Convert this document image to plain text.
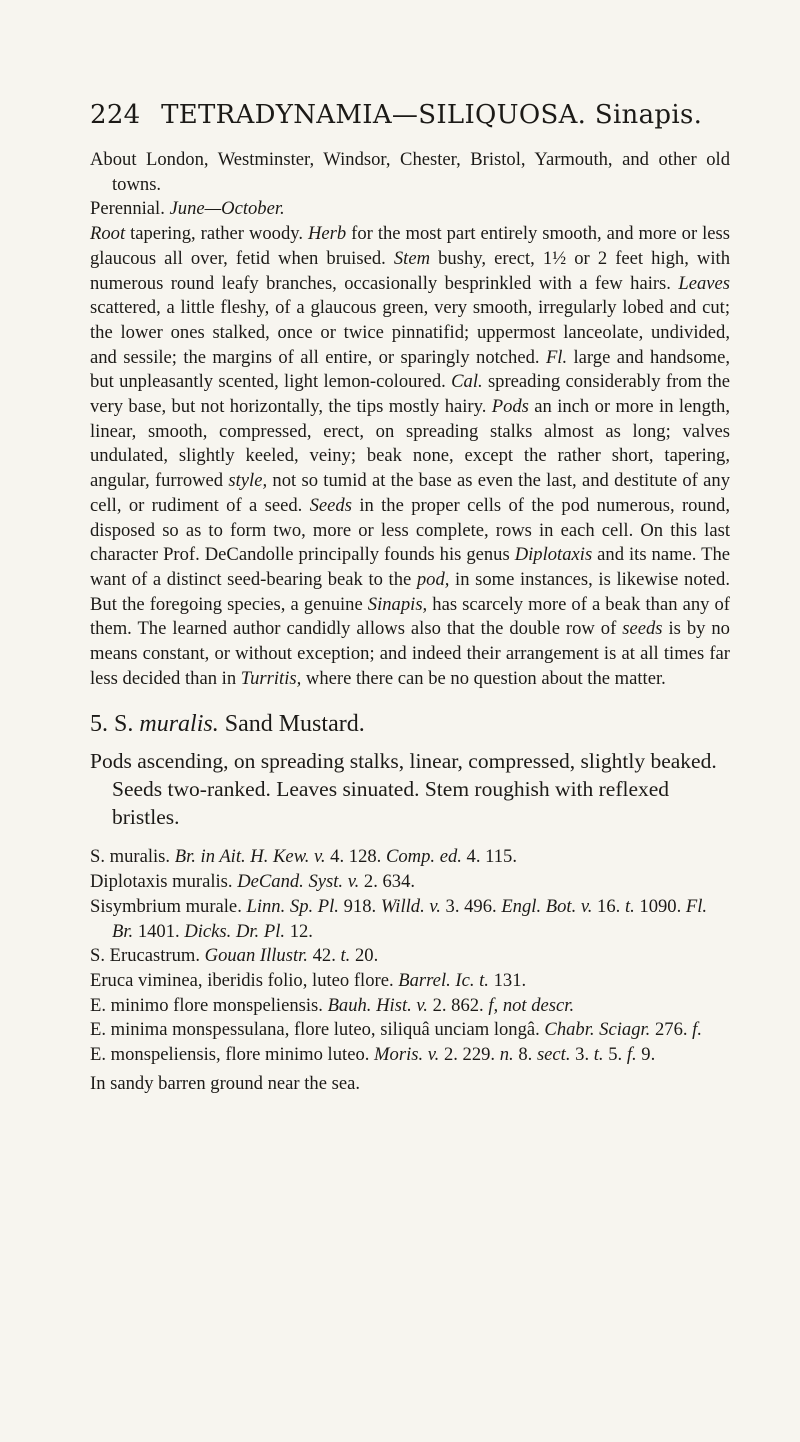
224 TETRADYNAMIA—SILIQUOSA. Sinapis.

About London, Westminster, Windsor, Chester, Bristol, Yarmouth, and other old towns.

Perennial. June—October.

Root tapering, rather woody. Herb for the most part entirely smooth, and more or less glaucous all over, fetid when bruised. Stem bushy, erect, 1½ or 2 feet high, with numerous round leafy branches, occasionally besprinkled with a few hairs. Leaves scattered, a little fleshy, of a glaucous green, very smooth, irregularly lobed and cut; the lower ones stalked, once or twice pinnatifid; uppermost lanceolate, undivided, and sessile; the margins of all entire, or sparingly notched. Fl. large and handsome, but unpleasantly scented, light lemon-coloured. Cal. spreading considerably from the very base, but not horizontally, the tips mostly hairy. Pods an inch or more in length, linear, smooth, compressed, erect, on spreading stalks almost as long; valves undulated, slightly keeled, veiny; beak none, except the rather short, tapering, angular, furrowed style, not so tumid at the base as even the last, and destitute of any cell, or rudiment of a seed. Seeds in the proper cells of the pod numerous, round, disposed so as to form two, more or less complete, rows in each cell. On this last character Prof. DeCandolle principally founds his genus Diplotaxis and its name. The want of a distinct seed-bearing beak to the pod, in some instances, is likewise noted. But the foregoing species, a genuine Sinapis, has scarcely more of a beak than any of them. The learned author candidly allows also that the double row of seeds is by no means constant, or without exception; and indeed their arrangement is at all times far less decided than in Turritis, where there can be no question about the matter.

5. S. muralis. Sand Mustard.

Pods ascending, on spreading stalks, linear, compressed, slightly beaked. Seeds two-ranked. Leaves sinuated. Stem roughish with reflexed bristles.

S. muralis. Br. in Ait. H. Kew. v. 4. 128. Comp. ed. 4. 115.

Diplotaxis muralis. DeCand. Syst. v. 2. 634.

Sisymbrium murale. Linn. Sp. Pl. 918. Willd. v. 3. 496. Engl. Bot. v. 16. t. 1090. Fl. Br. 1401. Dicks. Dr. Pl. 12.

S. Erucastrum. Gouan Illustr. 42. t. 20.

Eruca viminea, iberidis folio, luteo flore. Barrel. Ic. t. 131.

E. minimo flore monspeliensis. Bauh. Hist. v. 2. 862. f, not descr.

E. minima monspessulana, flore luteo, siliquâ unciam longâ. Chabr. Sciagr. 276. f.

E. monspeliensis, flore minimo luteo. Moris. v. 2. 229. n. 8. sect. 3. t. 5. f. 9.

In sandy barren ground near the sea.
